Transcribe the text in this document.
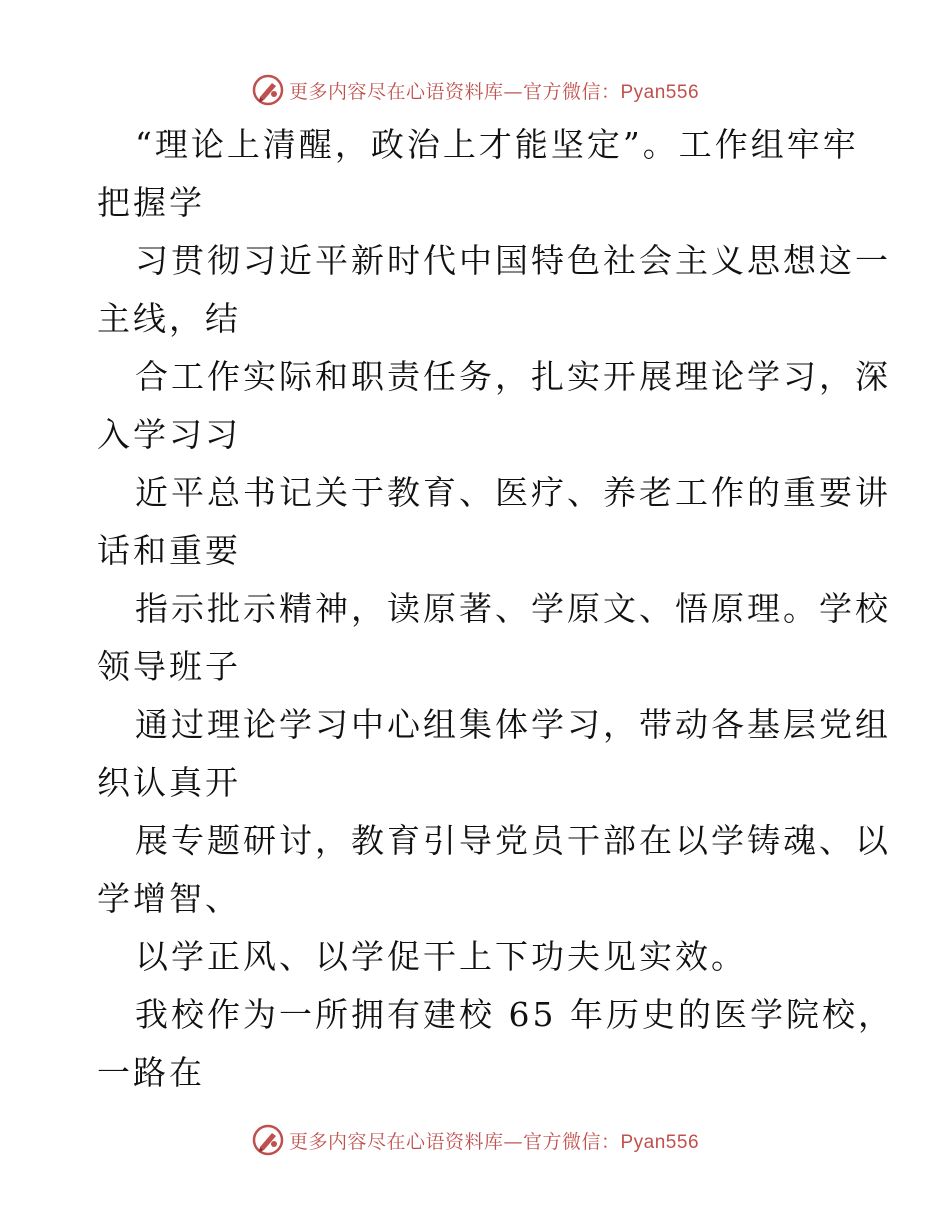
更多内容尽在心语资料库—官方微信：Pyan556
“理论上清醒，政治上才能坚定”。工作组牢牢
把握学
习贯彻习近平新时代中国特色社会主义思想这一
主线，结
合工作实际和职责任务，扎实开展理论学习，深
入学习习
近平总书记关于教育、医疗、养老工作的重要讲
话和重要
指示批示精神，读原著、学原文、悟原理。学校
领导班子
通过理论学习中心组集体学习，带动各基层党组
织认真开
展专题研讨，教育引导党员干部在以学铸魂、以
学增智、
以学正风、以学促干上下功夫见实效。
我校作为一所拥有建校 65 年历史的医学院校，
一路在
更多内容尽在心语资料库—官方微信：Pyan556
